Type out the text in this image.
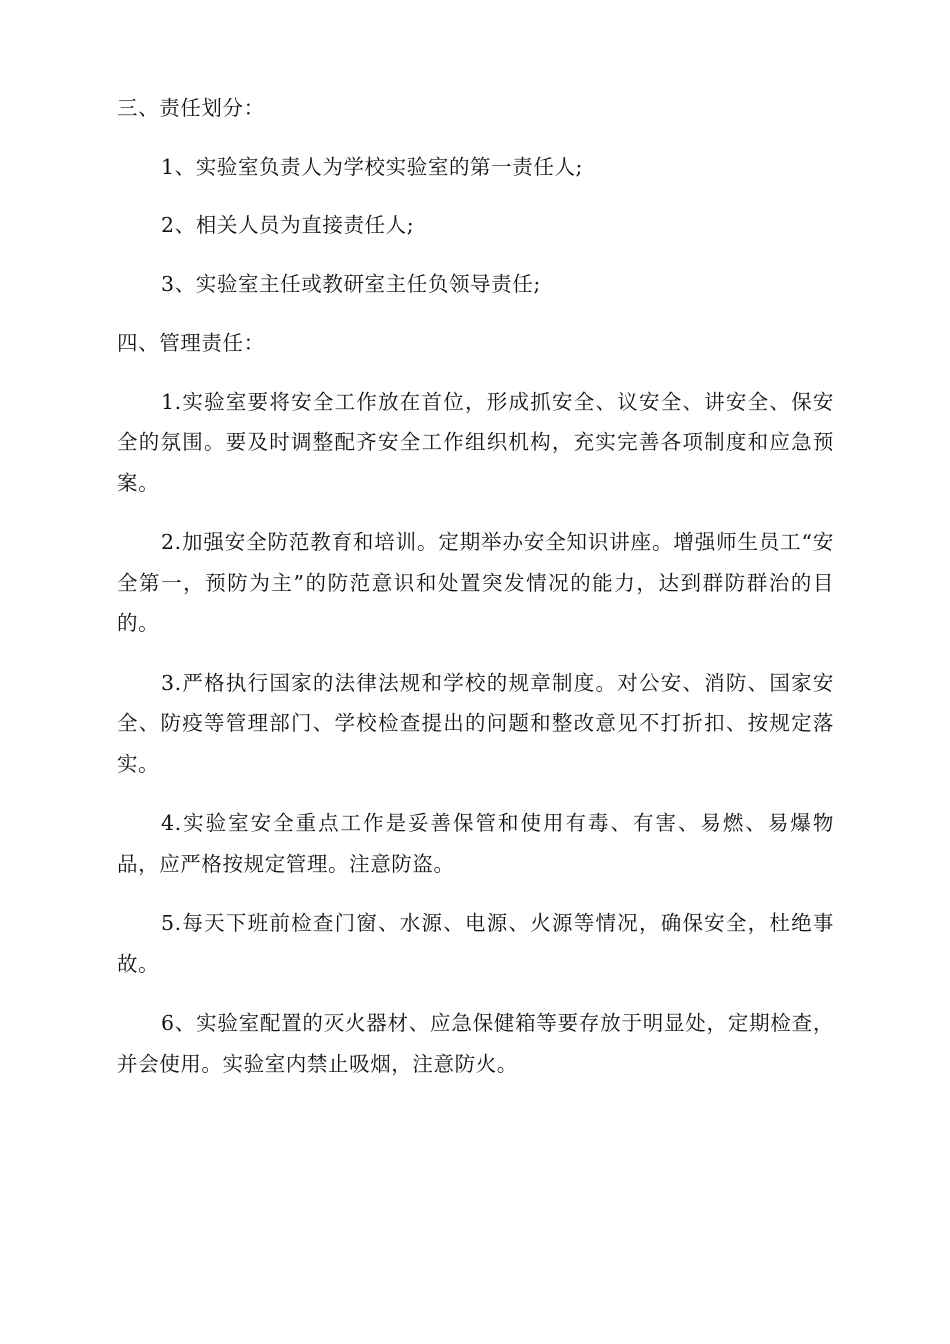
三、责任划分：

1、实验室负责人为学校实验室的第一责任人;

2、相关人员为直接责任人;

3、实验室主任或教研室主任负领导责任;

四、管理责任：

1.实验室要将安全工作放在首位，形成抓安全、议安全、讲安全、保安全的氛围。要及时调整配齐安全工作组织机构，充实完善各项制度和应急预案。

2.加强安全防范教育和培训。定期举办安全知识讲座。增强师生员工“安全第一，预防为主”的防范意识和处置突发情况的能力，达到群防群治的目的。

3.严格执行国家的法律法规和学校的规章制度。对公安、消防、国家安全、防疫等管理部门、学校检查提出的问题和整改意见不打折扣、按规定落实。

4.实验室安全重点工作是妥善保管和使用有毒、有害、易燃、易爆物品，应严格按规定管理。注意防盗。

5.每天下班前检查门窗、水源、电源、火源等情况，确保安全，杜绝事故。

6、实验室配置的灭火器材、应急保健箱等要存放于明显处，定期检查，并会使用。实验室内禁止吸烟，注意防火。
